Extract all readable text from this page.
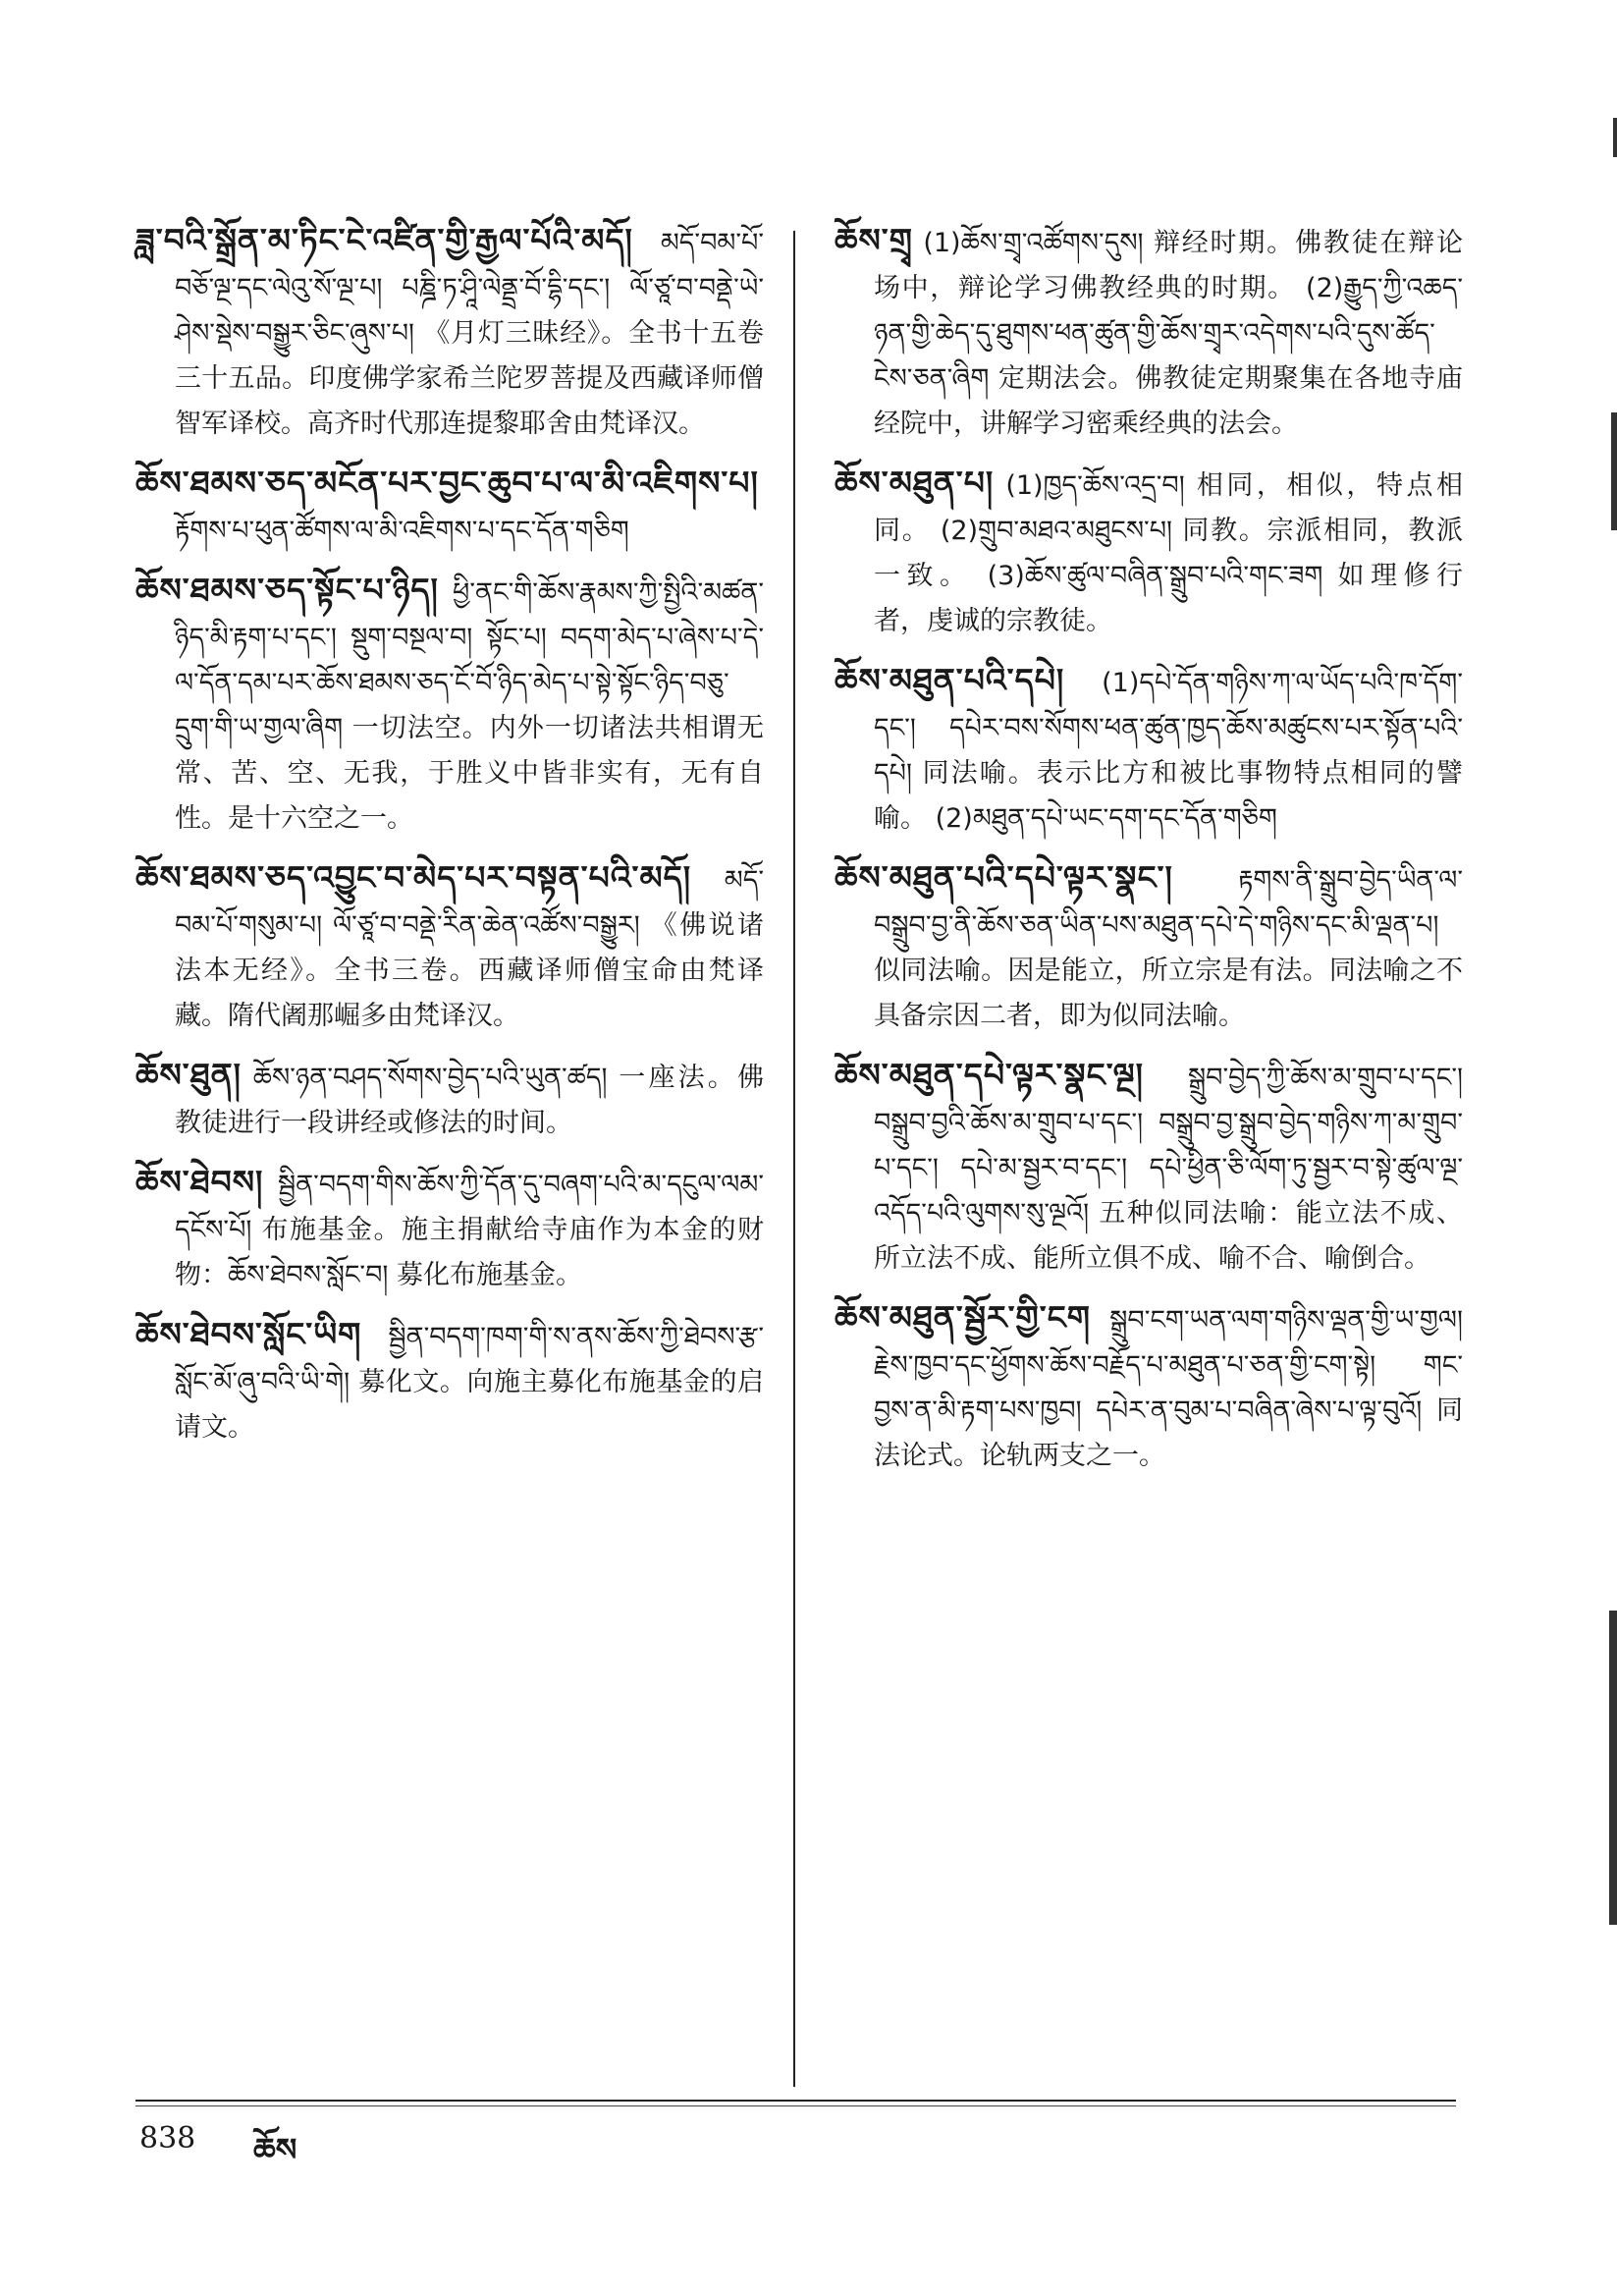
ཟླ་བའི་སྒྲོན་མ་ཏིང་ངེ་འཛིན་གྱི་རྒྱལ་པོའི་མདོ། མདོ་བམ་པོ་བཅོ་ལྔ་དང་ལེའུ་སོ་ལྔ་པ། པཎྜི་ཏ་ཤཱི་ལེནྡྲ་བོ་དྷི་དང་། ལོ་ཙཱ་བ་བནྡེ་ཡེ་ཤེས་སྡེས་བསྒྱུར་ཅིང་ཞུས་པ། 《月灯三昧经》。全书十五卷三十五品。印度佛学家希兰陀罗菩提及西藏译师僧智军译校。高齐时代那连提黎耶舍由梵译汉。

ཆོས་ཐམས་ཅད་མངོན་པར་བྱང་ཆུབ་པ་ལ་མི་འཇིགས་པ། རྟོགས་པ་ཕུན་ཚོགས་ལ་མི་འཇིགས་པ་དང་དོན་གཅིག

ཆོས་ཐམས་ཅད་སྟོང་པ་ཉིད། ཕྱི་ནང་གི་ཆོས་རྣམས་ཀྱི་སྤྱིའི་མཚན་ཉིད་མི་རྟག་པ་དང་། སྡུག་བསྔལ་བ། སྟོང་པ། བདག་མེད་པ་ཞེས་པ་དེ་ལ་དོན་དམ་པར་ཆོས་ཐམས་ཅད་ངོ་བོ་ཉིད་མེད་པ་སྟེ་སྟོང་ཉིད་བཅུ་དྲུག་གི་ཡ་གྱལ་ཞིག 一切法空。内外一切诸法共相谓无常、苦、空、无我，于胜义中皆非实有，无有自性。是十六空之一。

ཆོས་ཐམས་ཅད་འབྱུང་བ་མེད་པར་བསྟན་པའི་མདོ། མདོ་བམ་པོ་གསུམ་པ། ལོ་ཙཱ་བ་བནྡེ་རིན་ཆེན་འཚོས་བསྒྱུར། 《佛说诸法本无经》。全书三卷。西藏译师僧宝命由梵译藏。隋代阇那崛多由梵译汉。

ཆོས་ཐུན། ཆོས་ཉན་བཤད་སོགས་བྱེད་པའི་ཡུན་ཚད། 一座法。佛教徒进行一段讲经或修法的时间。

ཆོས་ཐེབས། སྦྱིན་བདག་གིས་ཆོས་ཀྱི་དོན་དུ་བཞག་པའི་མ་དངུལ་ལམ་དངོས་པོ། 布施基金。施主捐献给寺庙作为本金的财物：ཆོས་ཐེབས་སློང་བ། 募化布施基金。

ཆོས་ཐེབས་སློང་ཡིག སྦྱིན་བདག་ཁག་གི་ས་ནས་ཆོས་ཀྱི་ཐེབས་རྩ་སློང་མོ་ཞུ་བའི་ཡི་གེ། 募化文。向施主募化布施基金的启请文。

ཆོས་གྲྭ (1)ཆོས་གྲྭ་འཚོགས་དུས། 辩经时期。佛教徒在辩论场中，辩论学习佛教经典的时期。 (2)རྒྱུད་ཀྱི་འཆད་ཉན་གྱི་ཆེད་དུ་ཐུགས་ཕན་ཚུན་གྱི་ཆོས་གྲྭར་འདེགས་པའི་དུས་ཚོད་ངེས་ཅན་ཞིག 定期法会。佛教徒定期聚集在各地寺庙经院中，讲解学习密乘经典的法会。

ཆོས་མཐུན་པ། (1)ཁྱད་ཆོས་འདྲ་བ། 相同，相似，特点相同。 (2)གྲུབ་མཐའ་མཐུངས་པ། 同教。宗派相同，教派一致。 (3)ཆོས་ཚུལ་བཞིན་སྒྲུབ་པའི་གང་ཟག 如理修行者，虔诚的宗教徒。

ཆོས་མཐུན་པའི་དཔེ། (1)དཔེ་དོན་གཉིས་ཀ་ལ་ཡོད་པའི་ཁ་དོག་དང་། དཔེར་བས་སོགས་ཕན་ཚུན་ཁྱད་ཆོས་མཚུངས་པར་སྟོན་པའི་དཔེ། 同法喻。表示比方和被比事物特点相同的譬喻。 (2)མཐུན་དཔེ་ཡང་དག་དང་དོན་གཅིག

ཆོས་མཐུན་པའི་དཔེ་ལྟར་སྣང་། རྟགས་ནི་སྒྲུབ་བྱེད་ཡིན་ལ་བསྒྲུབ་བྱ་ནི་ཆོས་ཅན་ཡིན་པས་མཐུན་དཔེ་དེ་གཉིས་དང་མི་ལྡན་པ། 似同法喻。因是能立，所立宗是有法。同法喻之不具备宗因二者，即为似同法喻。

ཆོས་མཐུན་དཔེ་ལྟར་སྣང་ལྔ། སྒྲུབ་བྱེད་ཀྱི་ཆོས་མ་གྲུབ་པ་དང་། བསྒྲུབ་བྱའི་ཆོས་མ་གྲུབ་པ་དང་། བསྒྲུབ་བྱ་སྒྲུབ་བྱེད་གཉིས་ཀ་མ་གྲུབ་པ་དང་། དཔེ་མ་སྦྱར་བ་དང་། དཔེ་ཕྱིན་ཅི་ལོག་ཏུ་སྦྱར་བ་སྟེ་ཚུལ་ལྔ་འདོད་པའི་ལུགས་སུ་ལྔའོ། 五种似同法喻：能立法不成、所立法不成、能所立俱不成、喻不合、喻倒合。

ཆོས་མཐུན་སྦྱོར་གྱི་ངག སྒྲུབ་ངག་ཡན་ལག་གཉིས་ལྡན་གྱི་ཡ་གྱལ། རྗེས་ཁྱབ་དང་ཕྱོགས་ཆོས་བརྗོད་པ་མཐུན་པ་ཅན་གྱི་ངག་སྟེ། གང་བྱས་ན་མི་རྟག་པས་ཁྱབ། དཔེར་ན་བུམ་པ་བཞིན་ཞེས་པ་ལྟ་བུའོ། 同法论式。论轨两支之一。

838 ཆོས
